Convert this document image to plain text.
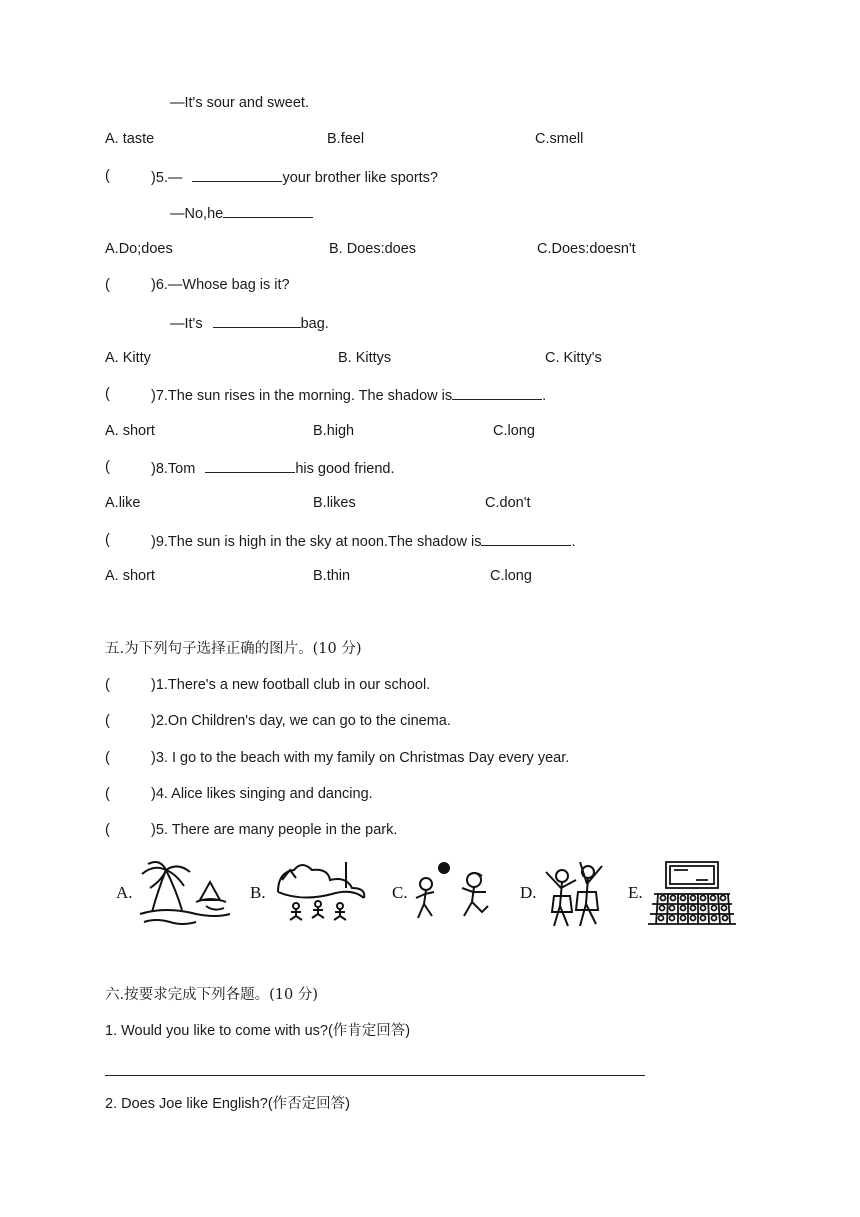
—It's sour and sweet.
A. taste	B.feel	C.smell
(	)5.—	your brother like sports?
—No,he
A.Do;does	B. Does:does	C.Does:doesn't
(	)6.—Whose bag is it?
—It's	bag.
A. Kitty	B. Kittys	C. Kitty's
(	)7.The sun rises in the morning. The shadow is	.
A. short	B.high	C.long
(	)8.Tom	his good friend.
A.like	B.likes	C.don't
(	)9.The sun is high in the sky at noon.The shadow is	.
A. short	B.thin	C.long
五.为下列句子选择正确的图片。(10 分)
(	)1.There's a new football club in our school.
(	)2.On Children's day, we can go to the cinema.
(	)3. I go to the beach with my family on Christmas Day every year.
(	)4. Alice likes singing and dancing.
(	)5. There are many people in the park.
A.	B.	C.	D.	E.
六.按要求完成下列各题。(10 分)
1. Would you like to come with us?(作肯定回答)
2. Does Joe like English?(作否定回答)
